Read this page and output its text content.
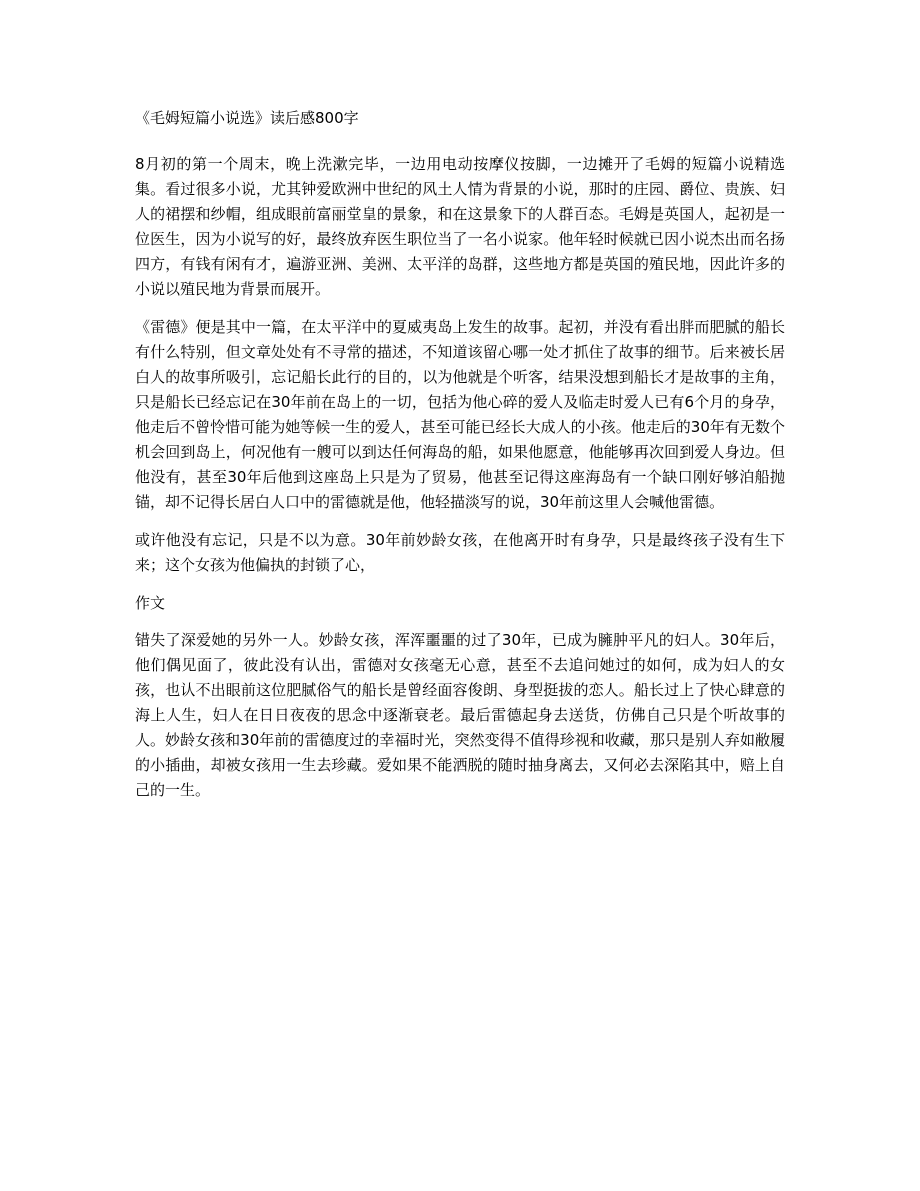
《毛姆短篇小说选》读后感800字

8月初的第一个周末，晚上洗漱完毕，一边用电动按摩仪按脚，一边摊开了毛姆的短篇小说精选集。看过很多小说，尤其钟爱欧洲中世纪的风土人情为背景的小说，那时的庄园、爵位、贵族、妇人的裙摆和纱帽，组成眼前富丽堂皇的景象，和在这景象下的人群百态。毛姆是英国人，起初是一位医生，因为小说写的好，最终放弃医生职位当了一名小说家。他年轻时候就已因小说杰出而名扬四方，有钱有闲有才，遍游亚洲、美洲、太平洋的岛群，这些地方都是英国的殖民地，因此许多的小说以殖民地为背景而展开。

《雷德》便是其中一篇，在太平洋中的夏威夷岛上发生的故事。起初，并没有看出胖而肥腻的船长有什么特别，但文章处处有不寻常的描述，不知道该留心哪一处才抓住了故事的细节。后来被长居白人的故事所吸引，忘记船长此行的目的，以为他就是个听客，结果没想到船长才是故事的主角，只是船长已经忘记在30年前在岛上的一切，包括为他心碎的爱人及临走时爱人已有6个月的身孕，他走后不曾怜惜可能为她等候一生的爱人，甚至可能已经长大成人的小孩。他走后的30年有无数个机会回到岛上，何况他有一艘可以到达任何海岛的船，如果他愿意，他能够再次回到爱人身边。但他没有，甚至30年后他到这座岛上只是为了贸易，他甚至记得这座海岛有一个缺口刚好够泊船抛锚，却不记得长居白人口中的雷德就是他，他轻描淡写的说，30年前这里人会喊他雷德。

或许他没有忘记，只是不以为意。30年前妙龄女孩，在他离开时有身孕，只是最终孩子没有生下来；这个女孩为他偏执的封锁了心，

作文

错失了深爱她的另外一人。妙龄女孩，浑浑噩噩的过了30年，已成为臃肿平凡的妇人。30年后，他们偶见面了，彼此没有认出，雷德对女孩毫无心意，甚至不去追问她过的如何，成为妇人的女孩，也认不出眼前这位肥腻俗气的船长是曾经面容俊朗、身型挺拔的恋人。船长过上了快心肆意的海上人生，妇人在日日夜夜的思念中逐渐衰老。最后雷德起身去送货，仿佛自己只是个听故事的人。妙龄女孩和30年前的雷德度过的幸福时光，突然变得不值得珍视和收藏，那只是别人弃如敝履的小插曲，却被女孩用一生去珍藏。爱如果不能洒脱的随时抽身离去，又何必去深陷其中，赔上自己的一生。
